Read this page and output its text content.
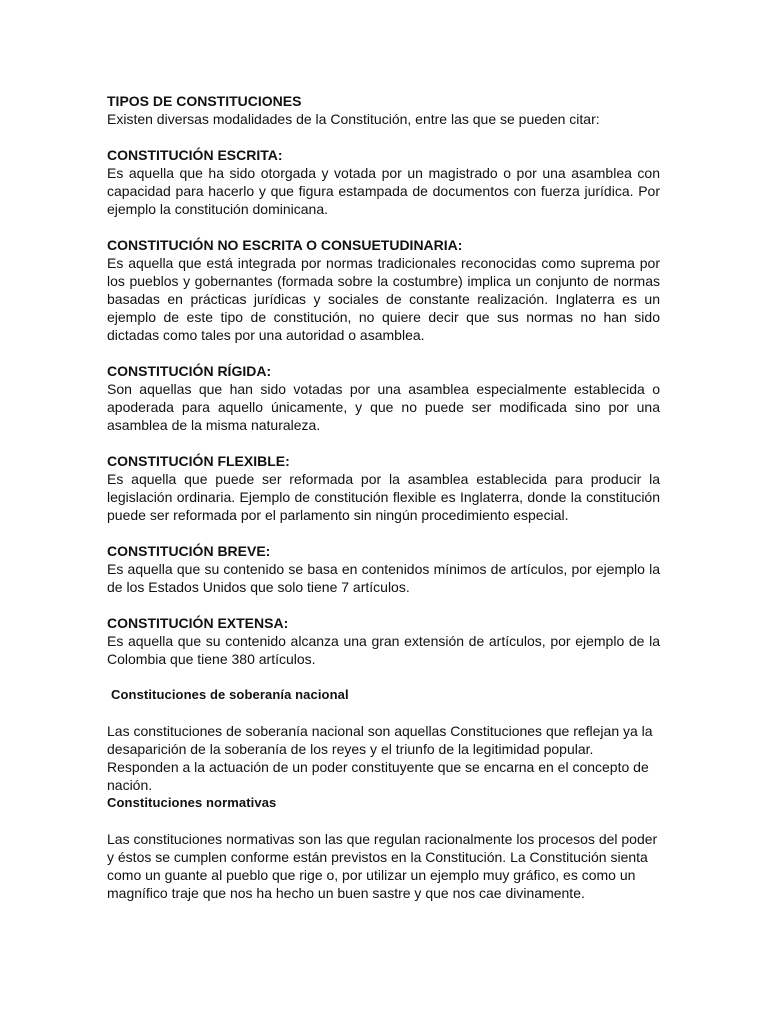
TIPOS DE CONSTITUCIONES

Existen diversas modalidades de la Constitución, entre las que se pueden citar:

CONSTITUCIÓN ESCRITA:

Es aquella que ha sido otorgada y votada por un magistrado o por una asamblea con capacidad para hacerlo y que figura estampada de documentos con fuerza jurídica. Por ejemplo la constitución dominicana.

CONSTITUCIÓN NO ESCRITA O CONSUETUDINARIA:

Es aquella que está integrada por normas tradicionales reconocidas como suprema por los pueblos y gobernantes (formada sobre la costumbre) implica un conjunto de normas basadas en prácticas jurídicas y sociales de constante realización. Inglaterra es un ejemplo de este tipo de constitución, no quiere decir que sus normas no han sido dictadas como tales por una autoridad o asamblea.

CONSTITUCIÓN RÍGIDA:

Son aquellas que han sido votadas por una asamblea especialmente establecida o apoderada para aquello únicamente, y que no puede ser modificada sino por una asamblea de la misma naturaleza.

CONSTITUCIÓN FLEXIBLE:

Es aquella que puede ser reformada por la asamblea establecida para producir la legislación ordinaria. Ejemplo de constitución flexible es Inglaterra, donde la constitución puede ser reformada por el parlamento sin ningún procedimiento especial.

CONSTITUCIÓN BREVE:

Es aquella que su contenido se basa en contenidos mínimos de artículos, por ejemplo la de los Estados Unidos que solo tiene 7 artículos.

CONSTITUCIÓN EXTENSA:

Es aquella que su contenido alcanza una gran extensión de artículos, por ejemplo de la Colombia que tiene 380 artículos.

Constituciones de soberanía nacional

Las constituciones de soberanía nacional son aquellas Constituciones que reflejan ya la desaparición de la soberanía de los reyes y el triunfo de la legitimidad popular. Responden a la actuación de un poder constituyente que se encarna en el concepto de nación.

Constituciones normativas

Las constituciones normativas son las que regulan racionalmente los procesos del poder y éstos se cumplen conforme están previstos en la Constitución. La Constitución sienta como un guante al pueblo que rige o, por utilizar un ejemplo muy gráfico, es como un magnífico traje que nos ha hecho un buen sastre y que nos cae divinamente.
